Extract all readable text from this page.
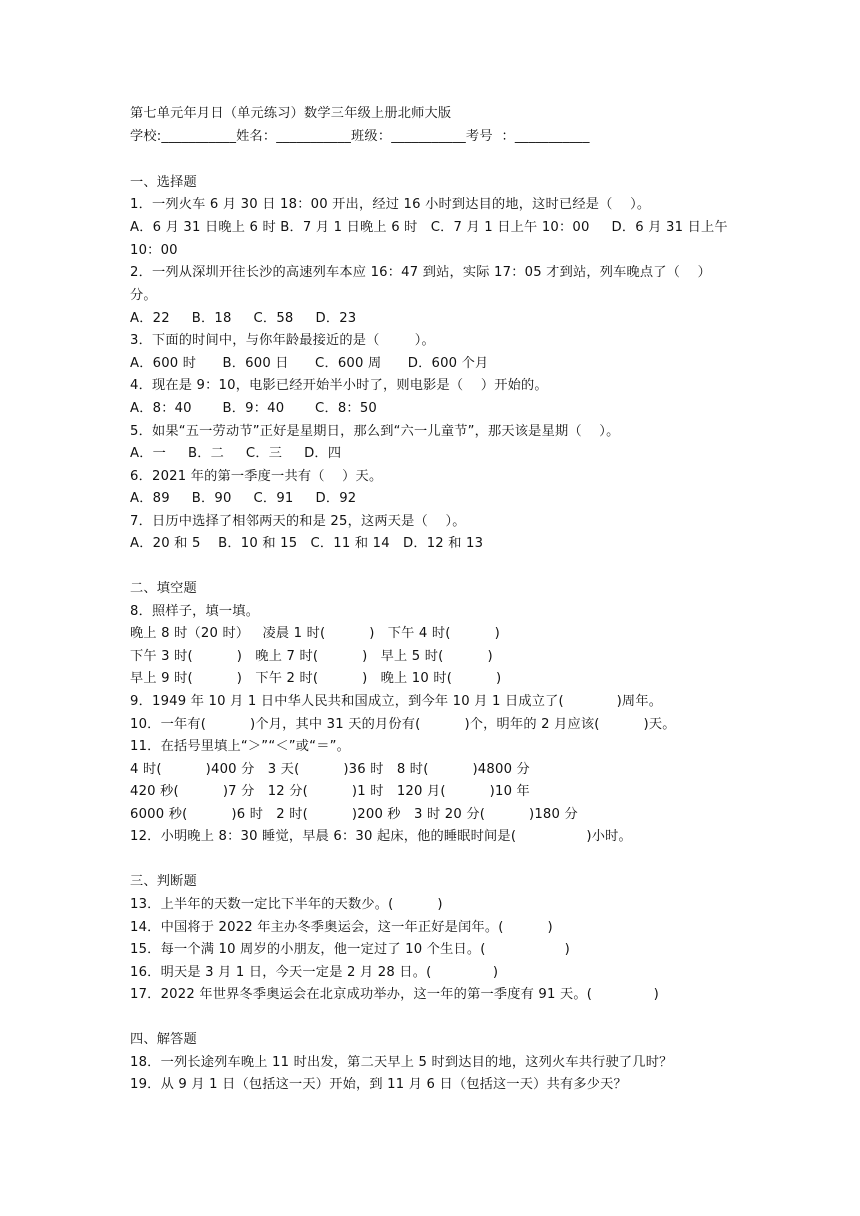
第七单元年月日（单元练习）数学三年级上册北师大版
学校:___________姓名：___________班级：___________考号  ：___________
一、选择题
1．一列火车 6 月 30 日 18：00 开出，经过 16 小时到达目的地，这时已经是（    ）。
A．6 月 31 日晚上 6 时 B．7 月 1 日晚上 6 时   C．7 月 1 日上午 10：00     D．6 月 31 日上午
10：00
2．一列从深圳开往长沙的高速列车本应 16：47 到站，实际 17：05 才到站，列车晚点了（    ）
分。
A．22     B．18     C．58     D．23
3．下面的时间中，与你年龄最接近的是（        ）。
A．600 时      B．600 日      C．600 周      D．600 个月
4．现在是 9：10，电影已经开始半小时了，则电影是（    ）开始的。
A．8：40       B．9：40       C．8：50
5．如果“五一劳动节”正好是星期日，那么到“六一儿童节”，那天该是星期（    ）。
A．一     B．二     C．三     D．四
6．2021 年的第一季度一共有（    ）天。
A．89     B．90     C．91     D．92
7．日历中选择了相邻两天的和是 25，这两天是（    ）。
A．20 和 5    B．10 和 15   C．11 和 14   D．12 和 13
二、填空题
8．照样子，填一填。
晚上 8 时（20 时）   凌晨 1 时(          )   下午 4 时(          )
下午 3 时(          )   晚上 7 时(          )   早上 5 时(          )
早上 9 时(          )   下午 2 时(          )   晚上 10 时(          )
9．1949 年 10 月 1 日中华人民共和国成立，到今年 10 月 1 日成立了(            )周年。
10．一年有(          )个月，其中 31 天的月份有(          )个，明年的 2 月应该(          )天。
11．在括号里填上“＞”“＜”或“＝”。
4 时(          )400 分   3 天(          )36 时   8 时(          )4800 分
420 秒(          )7 分   12 分(          )1 时   120 月(          )10 年
6000 秒(          )6 时   2 时(          )200 秒   3 时 20 分(          )180 分
12．小明晚上 8：30 睡觉，早晨 6：30 起床，他的睡眠时间是(                )小时。
三、判断题
13．上半年的天数一定比下半年的天数少。(          )
14．中国将于 2022 年主办冬季奥运会，这一年正好是闰年。(          )
15．每一个满 10 周岁的小朋友，他一定过了 10 个生日。(                  )
16．明天是 3 月 1 日，今天一定是 2 月 28 日。(              )
17．2022 年世界冬季奥运会在北京成功举办，这一年的第一季度有 91 天。(              )
四、解答题
18．一列长途列车晚上 11 时出发，第二天早上 5 时到达目的地，这列火车共行驶了几时？
19．从 9 月 1 日（包括这一天）开始，到 11 月 6 日（包括这一天）共有多少天？
